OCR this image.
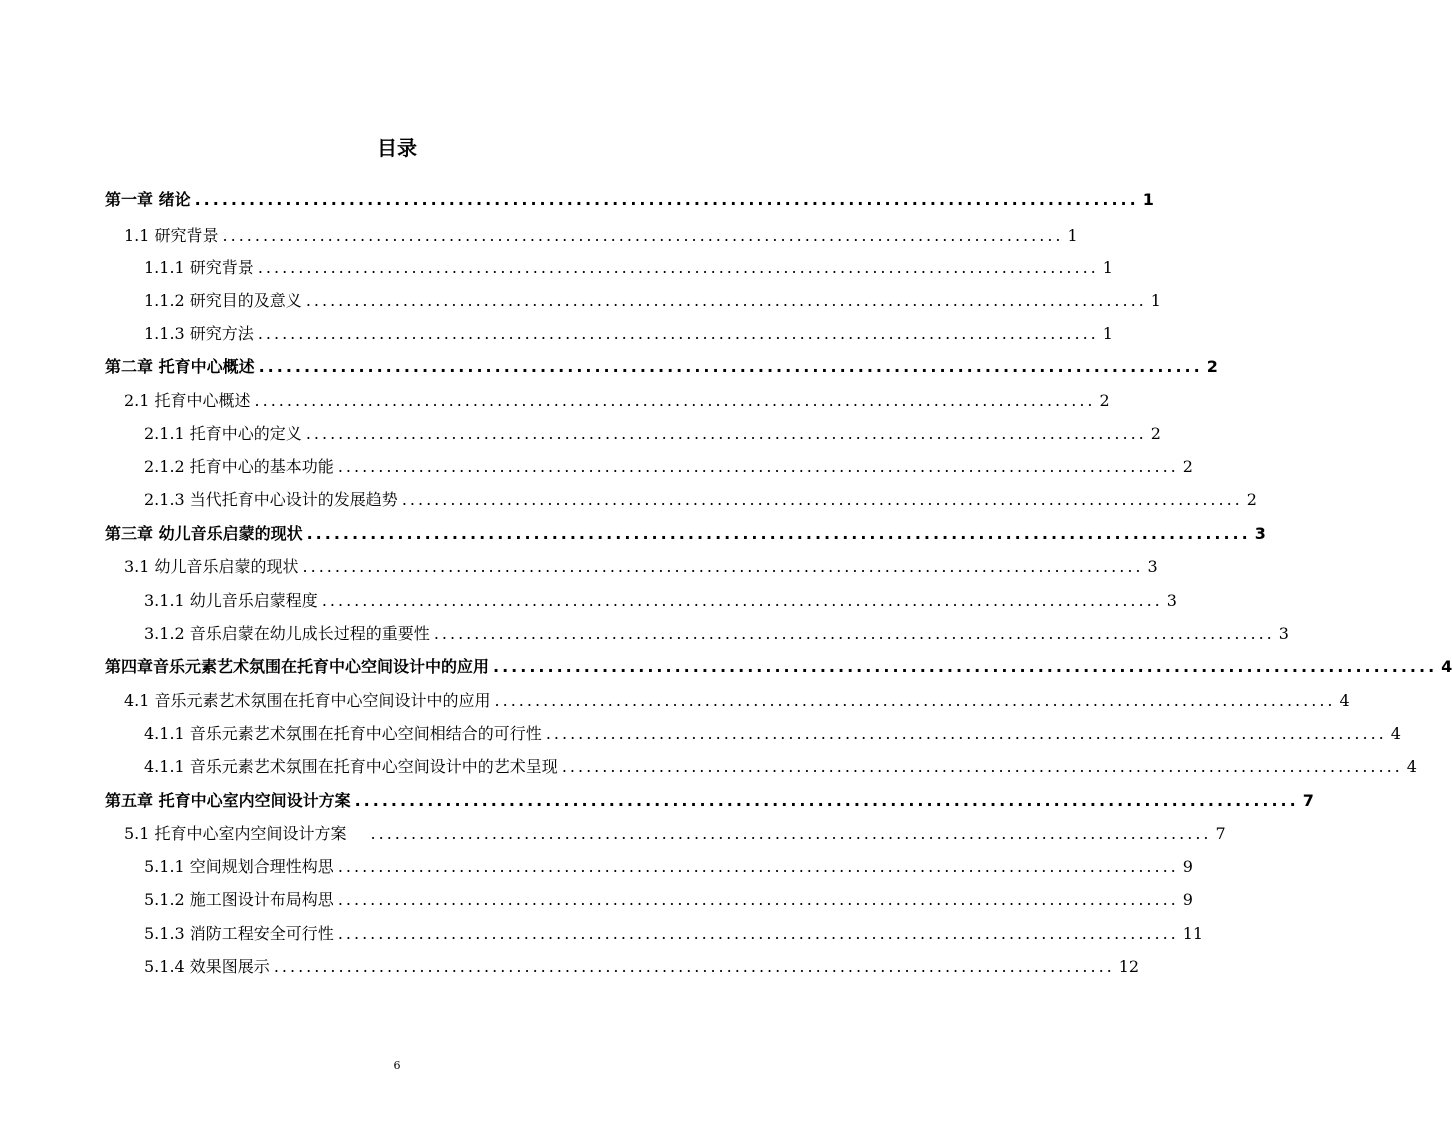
目录
第一章 绪论 ........................................................................................................ 1
1.1 研究背景 ........................................................................................................ 1
1.1.1 研究背景 ........................................................................................................ 1
1.1.2 研究目的及意义 ........................................................................................................ 1
1.1.3 研究方法 ........................................................................................................ 1
第二章 托育中心概述 ........................................................................................................ 2
2.1 托育中心概述 ........................................................................................................ 2
2.1.1 托育中心的定义 ........................................................................................................ 2
2.1.2 托育中心的基本功能 ........................................................................................................ 2
2.1.3 当代托育中心设计的发展趋势 ........................................................................................................ 2
第三章 幼儿音乐启蒙的现状 ........................................................................................................ 3
3.1 幼儿音乐启蒙的现状 ........................................................................................................ 3
3.1.1 幼儿音乐启蒙程度 ........................................................................................................ 3
3.1.2 音乐启蒙在幼儿成长过程的重要性 ........................................................................................................ 3
第四章音乐元素艺术氛围在托育中心空间设计中的应用 ........................................................................................................ 4
4.1 音乐元素艺术氛围在托育中心空间设计中的应用 ........................................................................................................ 4
4.1.1 音乐元素艺术氛围在托育中心空间相结合的可行性 ........................................................................................................ 4
4.1.1 音乐元素艺术氛围在托育中心空间设计中的艺术呈现 ........................................................................................................ 4
第五章 托育中心室内空间设计方案 ........................................................................................................ 7
5.1 托育中心室内空间设计方案 ........................................................................................................ 7
5.1.1 空间规划合理性构思 ........................................................................................................ 9
5.1.2 施工图设计布局构思 ........................................................................................................ 9
5.1.3 消防工程安全可行性 ........................................................................................................ 11
5.1.4 效果图展示 ........................................................................................................ 12
6
